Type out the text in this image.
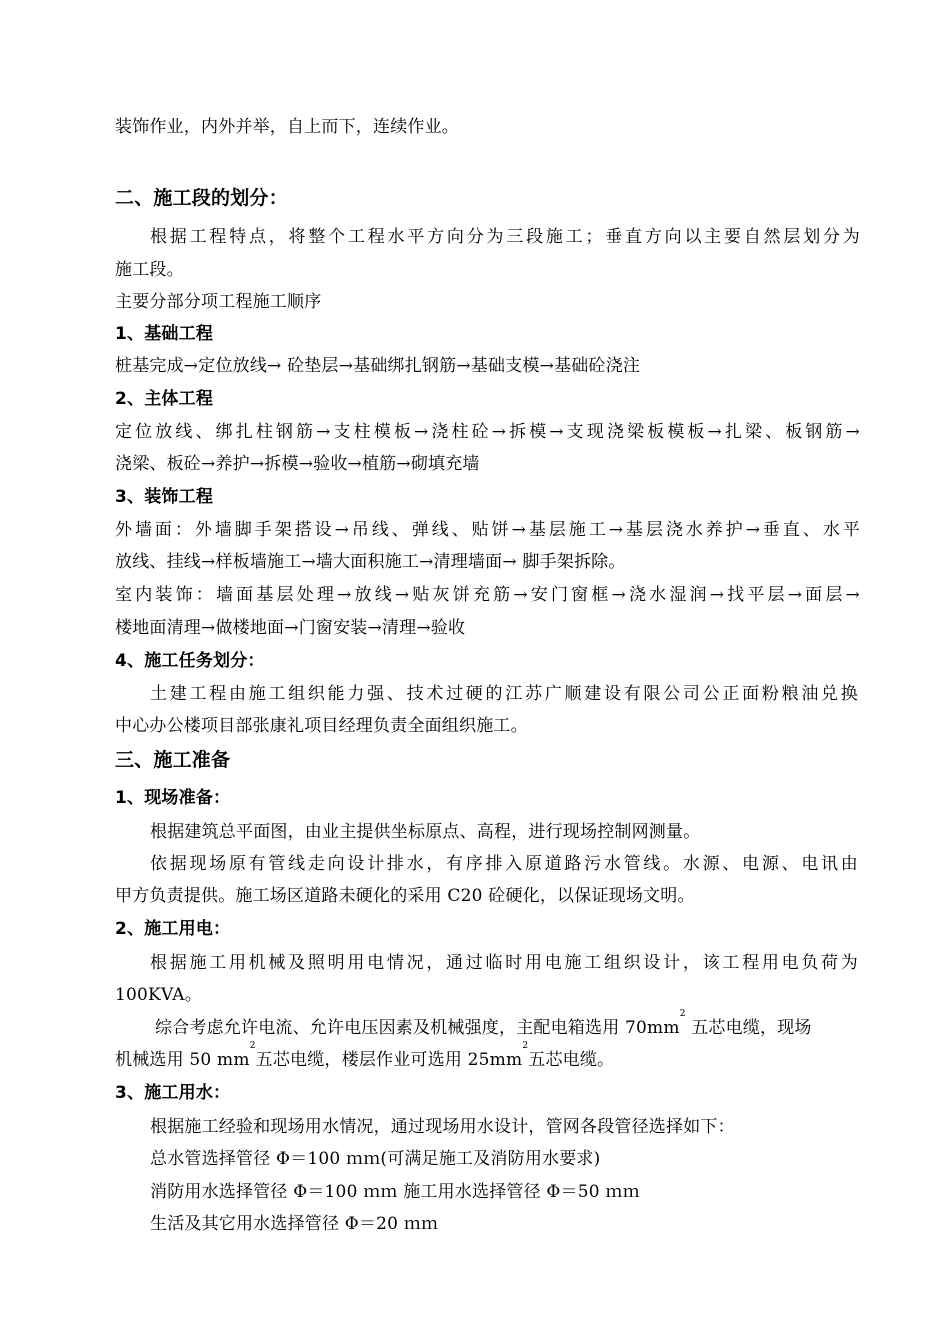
装饰作业，内外并举，自上而下，连续作业。
二、施工段的划分：
根据工程特点，将整个工程水平方向分为三段施工；垂直方向以主要自然层划分为
施工段。
主要分部分项工程施工顺序
1、基础工程
桩基完成→定位放线→ 砼垫层→基础绑扎钢筋→基础支模→基础砼浇注
2、主体工程
定位放线、绑扎柱钢筋→支柱模板→浇柱砼→拆模→支现浇梁板模板→扎梁、板钢筋→
浇梁、板砼→养护→拆模→验收→植筋→砌填充墙
3、装饰工程
外墙面：外墙脚手架搭设→吊线、弹线、贴饼→基层施工→基层浇水养护→垂直、水平
放线、挂线→样板墙施工→墙大面积施工→清理墙面→ 脚手架拆除。
室内装饰：墙面基层处理→放线→贴灰饼充筋→安门窗框→浇水湿润→找平层→面层→
楼地面清理→做楼地面→门窗安装→清理→验收
4、施工任务划分：
土建工程由施工组织能力强、技术过硬的江苏广顺建设有限公司公正面粉粮油兑换
中心办公楼项目部张康礼项目经理负责全面组织施工。
三、施工准备
1、现场准备：
根据建筑总平面图，由业主提供坐标原点、高程，进行现场控制网测量。
依据现场原有管线走向设计排水，有序排入原道路污水管线。水源、电源、电讯由
甲方负责提供。施工场区道路未硬化的采用 C20 砼硬化，以保证现场文明。
2、施工用电：
根据施工用机械及照明用电情况，通过临时用电施工组织设计，该工程用电负荷为
100KVA。
综合考虑允许电流、允许电压因素及机械强度，主配电箱选用 $70mm^2$ 五芯电缆，现场
机械选用 50 $mm^2$五芯电缆，楼层作业可选用 $25mm^2$五芯电缆。
3、施工用水：
根据施工经验和现场用水情况，通过现场用水设计，管网各段管径选择如下：
总水管选择管径 Φ＝100 ｍｍ(可满足施工及消防用水要求)
消防用水选择管径 Φ＝100 ｍｍ 施工用水选择管径 Φ＝50 ｍｍ
生活及其它用水选择管径 Φ＝20 ｍｍ
